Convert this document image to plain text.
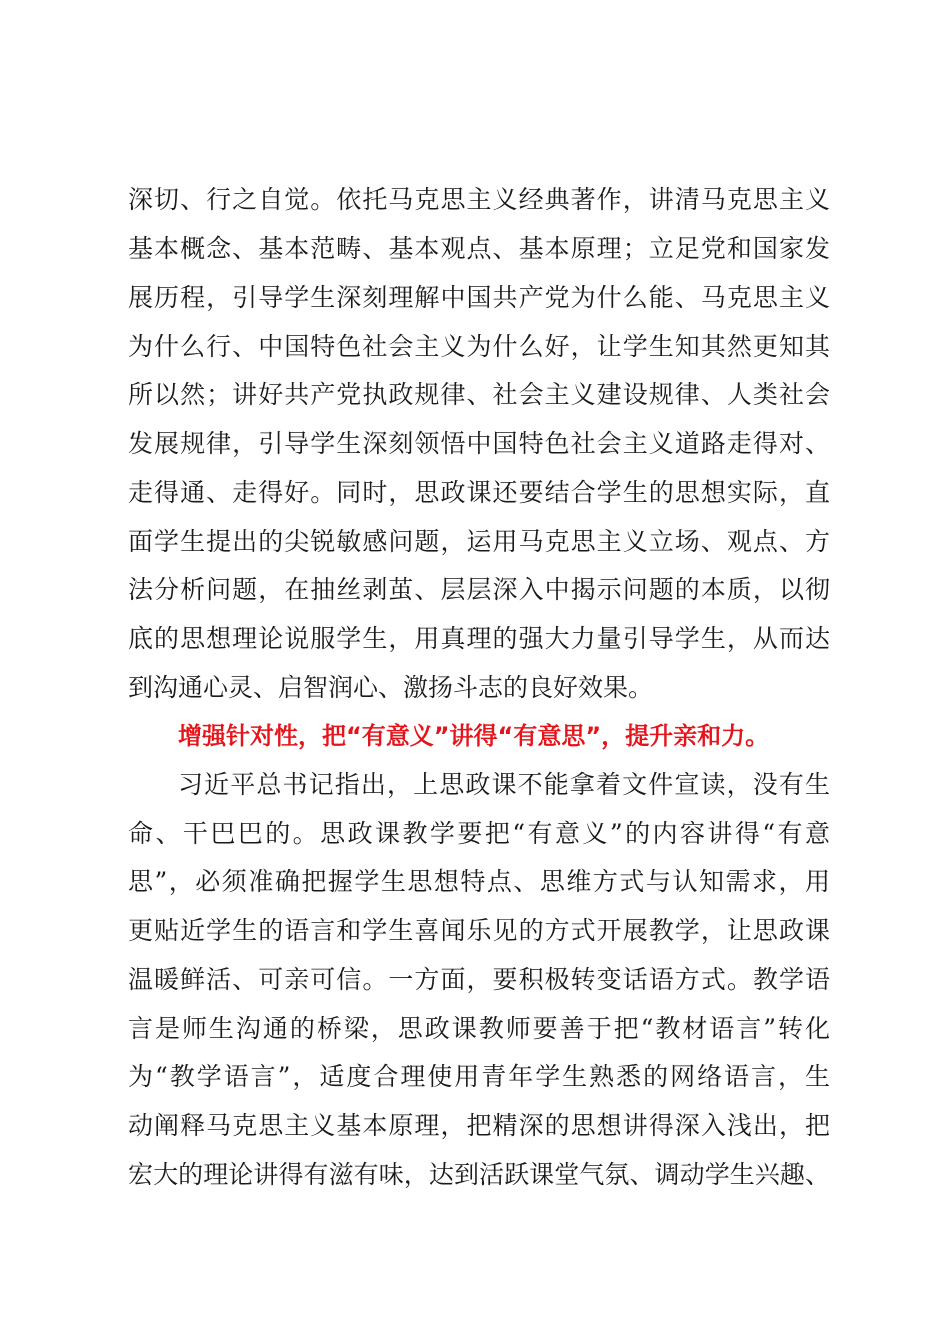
深切、行之自觉。依托马克思主义经典著作，讲清马克思主义
基本概念、基本范畴、基本观点、基本原理；立足党和国家发
展历程，引导学生深刻理解中国共产党为什么能、马克思主义
为什么行、中国特色社会主义为什么好，让学生知其然更知其
所以然；讲好共产党执政规律、社会主义建设规律、人类社会
发展规律，引导学生深刻领悟中国特色社会主义道路走得对、
走得通、走得好。同时，思政课还要结合学生的思想实际，直
面学生提出的尖锐敏感问题，运用马克思主义立场、观点、方
法分析问题，在抽丝剥茧、层层深入中揭示问题的本质，以彻
底的思想理论说服学生，用真理的强大力量引导学生，从而达
到沟通心灵、启智润心、激扬斗志的良好效果。
增强针对性，把“有意义”讲得“有意思”，提升亲和力。
习近平总书记指出，上思政课不能拿着文件宣读，没有生
命、干巴巴的。思政课教学要把“有意义”的内容讲得“有意
思”，必须准确把握学生思想特点、思维方式与认知需求，用
更贴近学生的语言和学生喜闻乐见的方式开展教学，让思政课
温暖鲜活、可亲可信。一方面，要积极转变话语方式。教学语
言是师生沟通的桥梁，思政课教师要善于把“教材语言”转化
为“教学语言”，适度合理使用青年学生熟悉的网络语言，生
动阐释马克思主义基本原理，把精深的思想讲得深入浅出，把
宏大的理论讲得有滋有味，达到活跃课堂气氛、调动学生兴趣、
